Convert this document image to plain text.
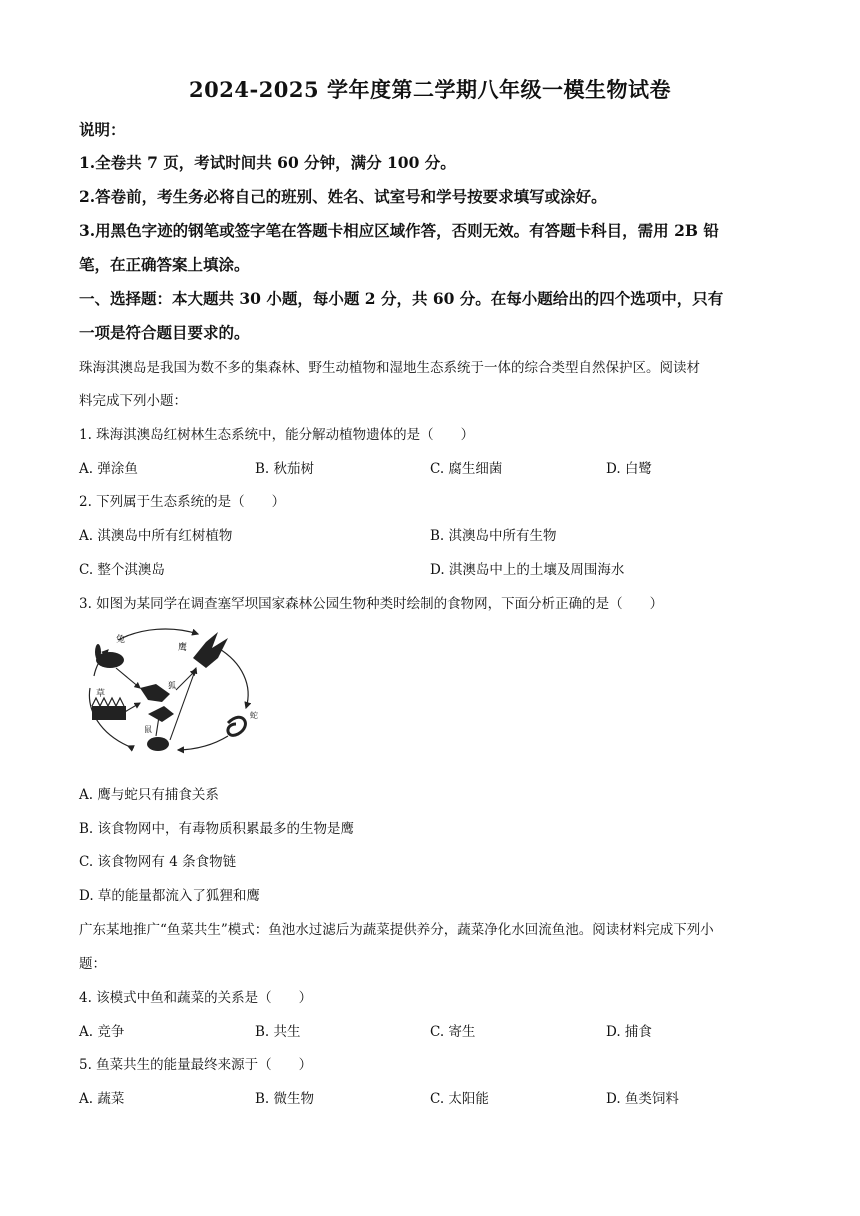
2024-2025 学年度第二学期八年级一模生物试卷
说明：
1.全卷共 7 页，考试时间共 60 分钟，满分 100 分。
2.答卷前，考生务必将自己的班别、姓名、试室号和学号按要求填写或涂好。
3.用黑色字迹的钢笔或签字笔在答题卡相应区域作答，否则无效。有答题卡科目，需用 2B 铅
笔，在正确答案上填涂。
一、选择题：本大题共 30 小题，每小题 2 分，共 60 分。在每小题给出的四个选项中，只有
一项是符合题目要求的。
珠海淇澳岛是我国为数不多的集森林、野生动植物和湿地生态系统于一体的综合类型自然保护区。阅读材
料完成下列小题：
1. 珠海淇澳岛红树林生态系统中，能分解动植物遗体的是（　　）
A. 弹涂鱼	B. 秋茄树	C. 腐生细菌	D. 白鹭
2. 下列属于生态系统的是（　　）
A. 淇澳岛中所有红树植物	B. 淇澳岛中所有生物
C. 整个淇澳岛	D. 淇澳岛中上的土壤及周围海水
3. 如图为某同学在调查塞罕坝国家森林公园生物种类时绘制的食物网，下面分析正确的是（　　）
兔
鹰
草
狐
鼠
蛇
A. 鹰与蛇只有捕食关系
B. 该食物网中，有毒物质积累最多的生物是鹰
C. 该食物网有 4 条食物链
D. 草的能量都流入了狐狸和鹰
广东某地推广“鱼菜共生”模式：鱼池水过滤后为蔬菜提供养分，蔬菜净化水回流鱼池。阅读材料完成下列小
题：
4. 该模式中鱼和蔬菜的关系是（　　）
A. 竞争	B. 共生	C. 寄生	D. 捕食
5. 鱼菜共生的能量最终来源于（　　）
A. 蔬菜	B. 微生物	C. 太阳能	D. 鱼类饲料
